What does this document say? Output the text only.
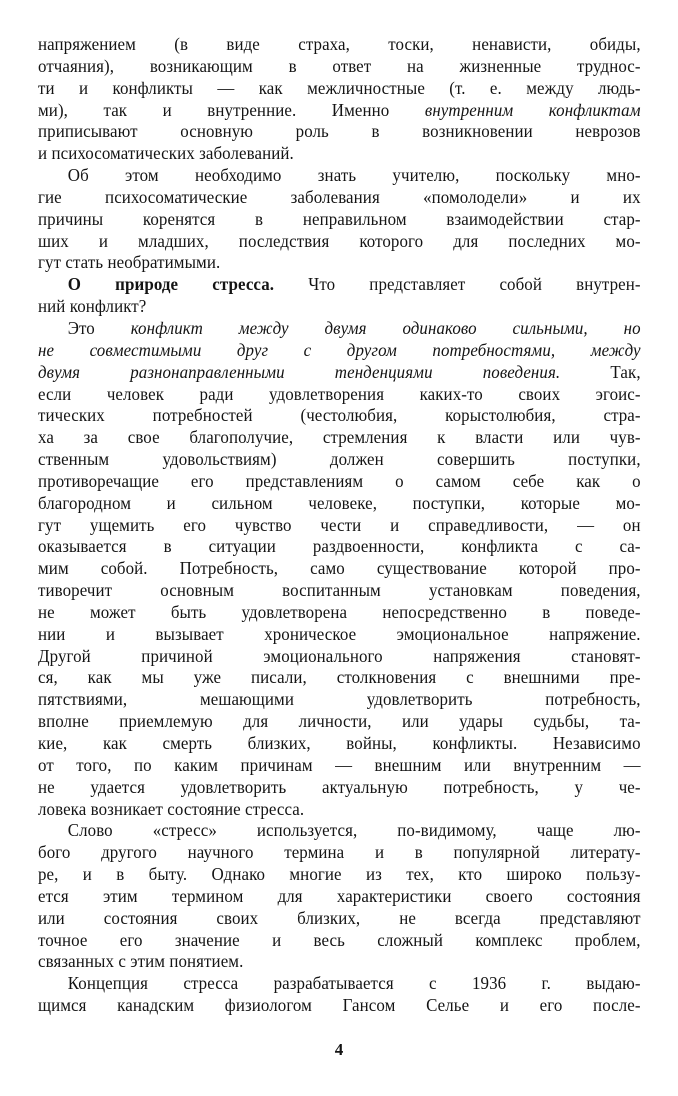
напряжением (в виде страха, тоски, ненависти, обиды,
отчаяния), возникающим в ответ на жизненные труднос-
ти и конфликты — как межличностные (т. е. между людь-
ми), так и внутренние. Именно внутренним конфликтам
приписывают основную роль в возникновении неврозов
и психосоматических заболеваний.
Об этом необходимо знать учителю, поскольку мно-
гие психосоматические заболевания «помолодели» и их
причины коренятся в неправильном взаимодействии стар-
ших и младших, последствия которого для последних мо-
гут стать необратимыми.
О природе стресса. Что представляет собой внутрен-
ний конфликт?
Это конфликт между двумя одинаково сильными, но
не совместимыми друг с другом потребностями, между
двумя разнонаправленными тенденциями поведения. Так,
если человек ради удовлетворения каких-то своих эгоис-
тических потребностей (честолюбия, корыстолюбия, стра-
ха за свое благополучие, стремления к власти или чув-
ственным удовольствиям) должен совершить поступки,
противоречащие его представлениям о самом себе как о
благородном и сильном человеке, поступки, которые мо-
гут ущемить его чувство чести и справедливости, — он
оказывается в ситуации раздвоенности, конфликта с са-
мим собой. Потребность, само существование которой про-
тиворечит основным воспитанным установкам поведения,
не может быть удовлетворена непосредственно в поведе-
нии и вызывает хроническое эмоциональное напряжение.
Другой причиной эмоционального напряжения становят-
ся, как мы уже писали, столкновения с внешними пре-
пятствиями, мешающими удовлетворить потребность,
вполне приемлемую для личности, или удары судьбы, та-
кие, как смерть близких, войны, конфликты. Независимо
от того, по каким причинам — внешним или внутренним —
не удается удовлетворить актуальную потребность, у че-
ловека возникает состояние стресса.
Слово «стресс» используется, по-видимому, чаще лю-
бого другого научного термина и в популярной литерату-
ре, и в быту. Однако многие из тех, кто широко пользу-
ется этим термином для характеристики своего состояния
или состояния своих близких, не всегда представляют
точное его значение и весь сложный комплекс проблем,
связанных с этим понятием.
Концепция стресса разрабатывается с 1936 г. выдаю-
щимся канадским физиологом Гансом Селье и его после-
4
